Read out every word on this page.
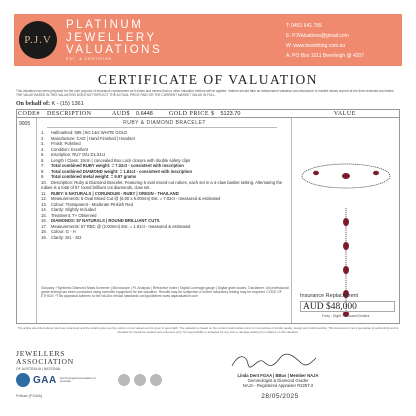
P.J.V
PLATINUM
JEWELLERY
VALUATIONS
EST. & CERTIFIED
T: 0451 641 785
E: PJValuations@gmail.com
W: www.bearbiting.com.au
A: PO Box 1511 Beenleigh @ 4207
CERTIFICATE OF VALUATION
This valuation has been prepared for the sole purpose of insurance replacement as it exists and means that no other valuation method will be applied. Valuers should take an independent valuation and disclosure to market values current at the time reviewed and dated. THE VALUE BASED IN THIS VALUATION DOES NOT REFLECT THE ACTUAL PRICE PAID OR THE CURRENT MARKET VALUE IN FULL.
On behalf of: K - (15) 1361
CODE#	DESCRIPTION	AUD$ 0.6448	GOLD PRICE $ 5123.70	VALUE
9005	RUBY & DIAMOND BRACELET
1. Hallmarked: 585 | 9ct 14ct WHITE GOLD
2. Manufacture: CAD | Hand Finished | Handset
3. Finish: Polished
4. Condition: Excellent
5. Inscription: RU7 O/U D1.81ct
6. Length / Class: 19cm | concealed Box Lock closure with double safety clips
7. Total combined RUBY weight: = 7.02ct - consistent with inscription
8. Total combined DIAMOND weight: = 1.81ct - consistent with inscription
9. Total combined metal weight: = 9.97 grams
10. Description: Ruby & Diamond Bracelet. Featuring 5 oval mixed-cut rubies, each set in a 4-claw basket setting. Alternating the rubies is a total of 57 round brilliant cut diamonds, claw set.
11. RUBY: 5 NATURALS | CORUNDUM - RUBY | ORIGIN - THAILAND
12. Measurements: 5 Oval Mixed Cut @ (6.00 x 6.00mm) Est. = 7.02ct - measured & estimated
13. Colour: Transparent - Moderate Pinkish Red
14. Clarity: Slightly Included
15. Treatment: T+ Observed
16. DIAMONDS: 57 NATURALS | ROUND BRILLIANT CUTS
17. Measurements: 57 RBC @ (2.00mm) Est. = 1.81ct - measured & estimated
18. Colour: G - H
19. Clarity: SI1 - SI2
Glossary: *Synthetic Diamond Mass Screener | Microscope | PL Analysis | Refractive Index | Digital Loverage gauge | Digital gram scales. Disclaimer: All professional grade testing has been conducted using scientific equipment for the valuation. Results may be subjective & further laboratory testing may be required. CODE OF ETHICS: *This appraisal adheres to the NAJA's ethical standards and guidelines www.najavaluation.com	Insurance Replacement
AUD $48,000
Forty - Eight Thousand Dollars
The article described above has been examined and the details given are the opinion of our valuers and is given in good faith. The valuation is based on the current retail market price for new articles of similar quality, design and craftsmanship. This document is not a guarantee of authenticity and is intended for insurance replacement purposes only. No responsibility is accepted for any loss or damage arising from reliance on this valuation.
JEWELLERS
ASSOCIATION
OF AUSTRALIA | NATIONAL
GAA Gemmological Association of Australia
Fellow (FGAA)
Linda Dent FGAA | BBus | Member NAJA
Gemmologist & Diamond Grader
NAJA - Registered Appraiser R2257-2
28/05/2025
